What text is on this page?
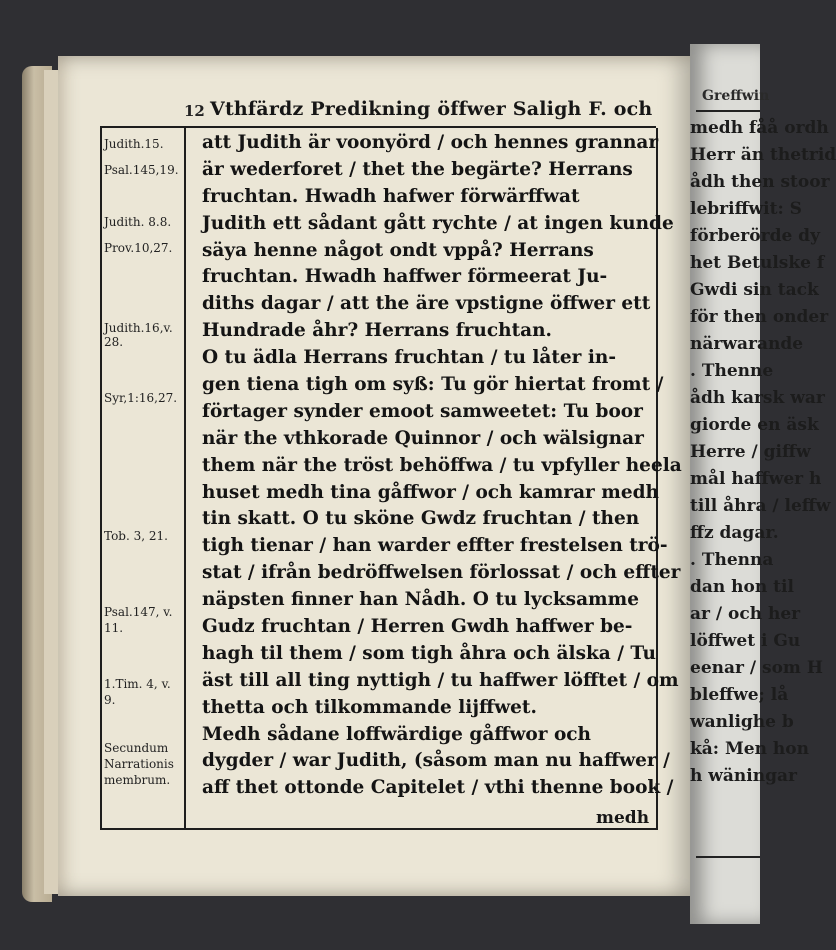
12 Vthfärdz Predikning öffwer Saligh F. och
Judith.15.
Psal.145,19.
Judith. 8.8.
Prov.10,27.
Judith.16,v.
28.
Syr,1:16,27.
Tob. 3, 21.
Psal.147, v.
11.
1.Tim. 4, v.
9.
Secundum
Narrationis
membrum.
att Judith är voonyörd / och hennes grannar
är wederforet / thet the begärte? Herrans
fruchtan. Hwadh hafwer förwärffwat
Judith ett sådant gått rychte / at ingen kunde
säya henne något ondt vppå? Herrans
fruchtan. Hwadh haffwer förmeerat Ju-
diths dagar / att the äre vpstigne öffwer ett
Hundrade åhr? Herrans fruchtan.
O tu ädla Herrans fruchtan / tu låter in-
gen tiena tigh om syß: Tu gör hiertat fromt /
förtager synder emoot samweetet: Tu boor
när the vthkorade Quinnor / och wälsignar
them när the tröst behöffwa / tu vpfyller heela
huset medh tina gåffwor / och kamrar medh
tin skatt. O tu sköne Gwdz fruchtan / then
tigh tienar / han warder effter frestelsen trö-
stat / ifrån bedröffwelsen förlossat / och effter
näpsten finner han Nådh. O tu lycksamme
Gudz fruchtan / Herren Gwdh haffwer be-
hagh til them / som tigh åhra och älska / Tu
äst till all ting nyttigh / tu haffwer löfftet / om
thetta och tilkommande lijffwet.
Medh sådane loffwärdige gåffwor och
dygder / war Judith, (såsom man nu haffwer /
aff thet ottonde Capitelet / vthi thenne book /
medh
Greffwin
medh fåå ordh
Herr än thetrid
ådh then stoor
lebriffwit: S
förberörde dy
het Betulske f
Gwdi sin tack
för then onder
närwarande
. Thenne
ådh karsk war
giorde en äsk
Herre / giffw
mål haffwer h
till åhra / leffw
ffz dagar.
. Thenna
dan hon til
ar / och her
löffwet i Gu
eenar / som H
bleffwe; lå
wanlighe b
kå: Men hon
h wäningar
